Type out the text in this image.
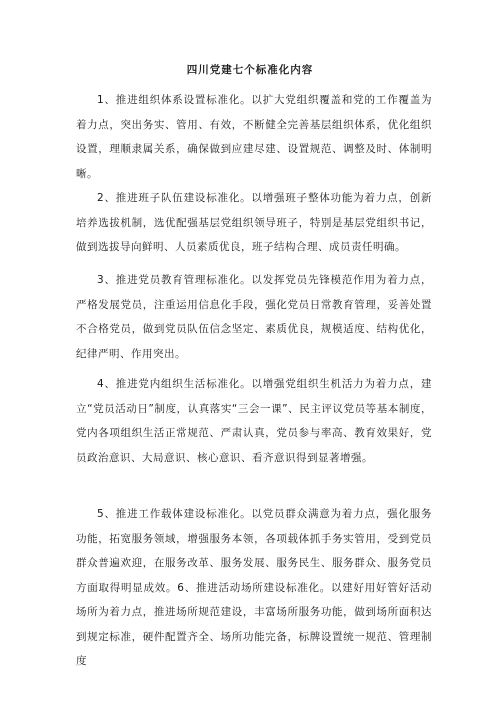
四川党建七个标准化内容

1、推进组织体系设置标准化。以扩大党组织覆盖和党的工作覆盖为着力点，突出务实、管用、有效，不断健全完善基层组织体系，优化组织设置，理顺隶属关系，确保做到应建尽建、设置规范、调整及时、体制明晰。

2、推进班子队伍建设标准化。以增强班子整体功能为着力点，创新培养选拔机制，选优配强基层党组织领导班子，特别是基层党组织书记，做到选拔导向鲜明、人员素质优良，班子结构合理、成员责任明确。

3、推进党员教育管理标准化。以发挥党员先锋模范作用为着力点，严格发展党员，注重运用信息化手段，强化党员日常教育管理，妥善处置不合格党员，做到党员队伍信念坚定、素质优良，规模适度、结构优化，纪律严明、作用突出。

4、推进党内组织生活标准化。以增强党组织生机活力为着力点，建立“党员活动日”制度，认真落实“三会一课”、民主评议党员等基本制度，党内各项组织生活正常规范、严肃认真，党员参与率高、教育效果好，党员政治意识、大局意识、核心意识、看齐意识得到显著增强。

5、推进工作载体建设标准化。以党员群众满意为着力点，强化服务功能，拓宽服务领域，增强服务本领，各项载体抓手务实管用，受到党员群众普遍欢迎，在服务改革、服务发展、服务民生、服务群众、服务党员方面取得明显成效。6、推进活动场所建设标准化。以建好用好管好活动场所为着力点，推进场所规范建设，丰富场所服务功能，做到场所面积达到规定标准，硬件配置齐全、场所功能完备，标牌设置统一规范、管理制度
